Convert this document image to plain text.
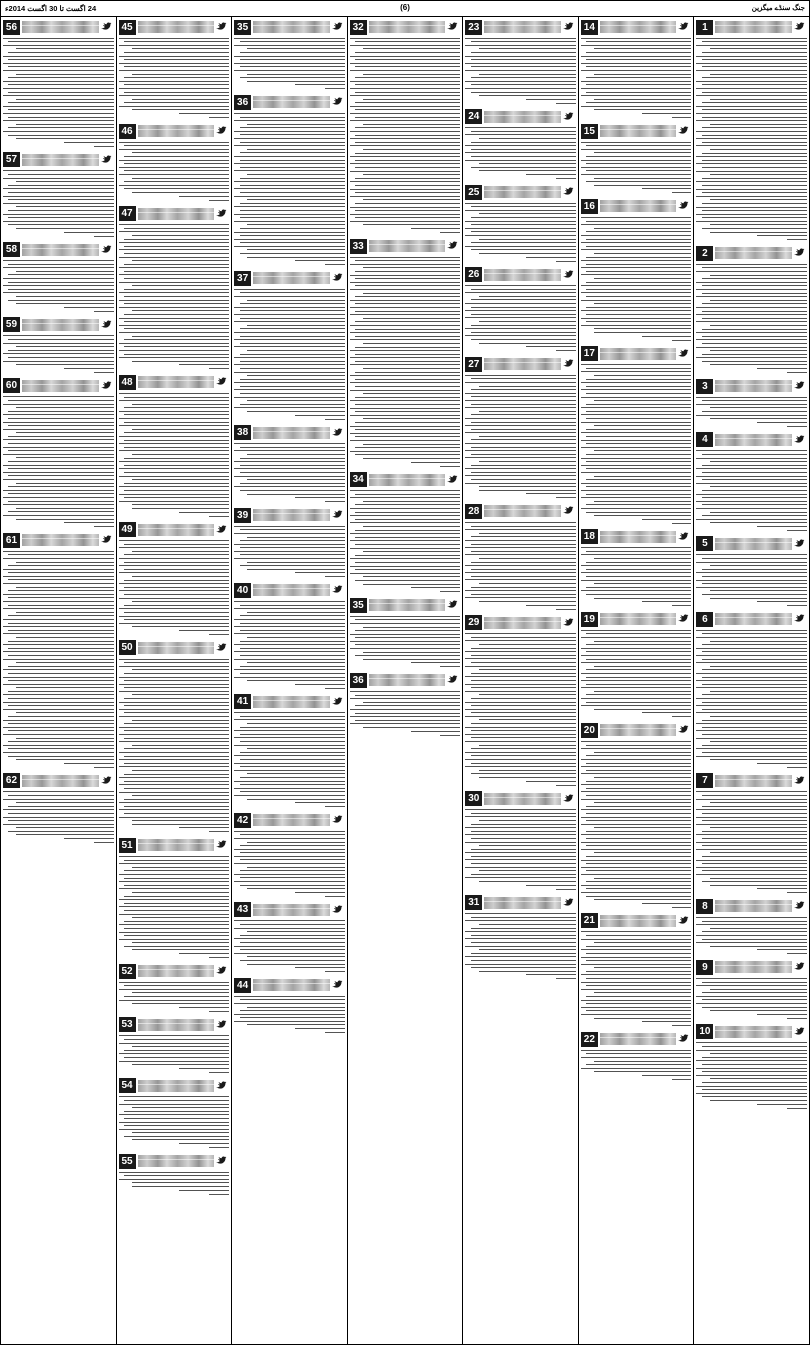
جنگ سنڈے میگزین
(6)
24 اگست تا 30 اگست 2014ء
1
2
3
4
5
6
7
8
9
10
14
15
16
17
18
19
20
21
22
23
24
25
26
27
28
29
30
31
32
33
34
35
36
35
36
37
38
39
40
41
42
43
44
45
46
47
48
49
50
51
52
53
54
55
56
57
58
59
60
61
62
